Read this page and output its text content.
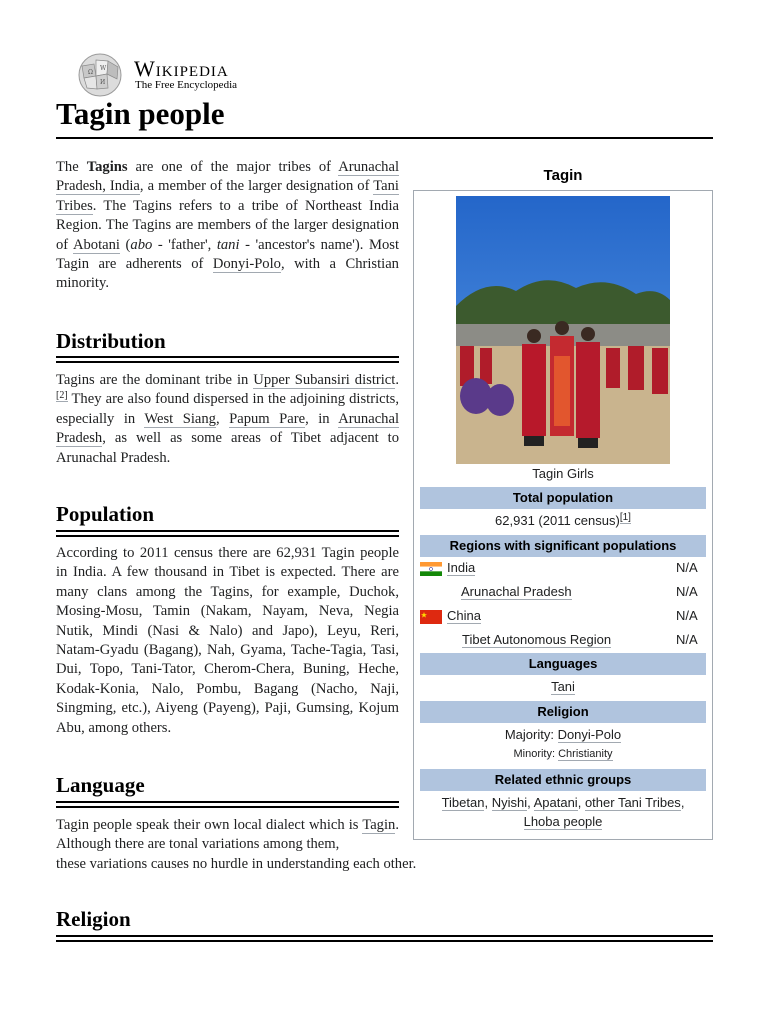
Ω
W
И
Wikipedia
The Free Encyclopedia
Tagin people

The Tagins are one of the major tribes of Arunachal Pradesh, India, a member of the larger designation of Tani Tribes. The Tagins refers to a tribe of Northeast India Region. The Tagins are members of the larger designation of Abotani (abo - 'father', tani - 'ancestor's name'). Most Tagin are adherents of Donyi-Polo, with a Christian minority.

Distribution

Tagins are the dominant tribe in Upper Subansiri district.[2] They are also found dispersed in the adjoining districts, especially in West Siang, Papum Pare, in Arunachal Pradesh, as well as some areas of Tibet adjacent to Arunachal Pradesh.

Population

According to 2011 census there are 62,931 Tagin people in India. A few thousand in Tibet is expected. There are many clans among the Tagins, for example, Duchok, Mosing-Mosu, Tamin (Nakam, Nayam, Neva, Negia Nutik, Mindi (Nasi & Nalo) and Japo), Leyu, Reri, Natam-Gyadu (Bagang), Nah, Gyama, Tache-Tagia, Tasi, Dui, Topo, Tani-Tator, Cherom-Chera, Buning, Heche, Kodak-Konia, Nalo, Pombu, Bagang (Nacho, Naji, Singming, etc.), Aiyeng (Payeng), Paji, Gumsing, Kojum Abu, among others.

Language

Tagin people speak their own local dialect which is Tagin. Although there are tonal variations among them,

these variations causes no hurdle in understanding each other.
Religion
Tagin
Tagin Girls
Total population
62,931 (2011 census)[1]
Regions with significant populations
India	N/A
Arunachal Pradesh	N/A
China	N/A
Tibet Autonomous Region	N/A
Languages
Tani
Religion
Majority: Donyi-Polo
Minority: Christianity
Related ethnic groups
Tibetan, Nyishi, Apatani, other Tani Tribes,
Lhoba people
